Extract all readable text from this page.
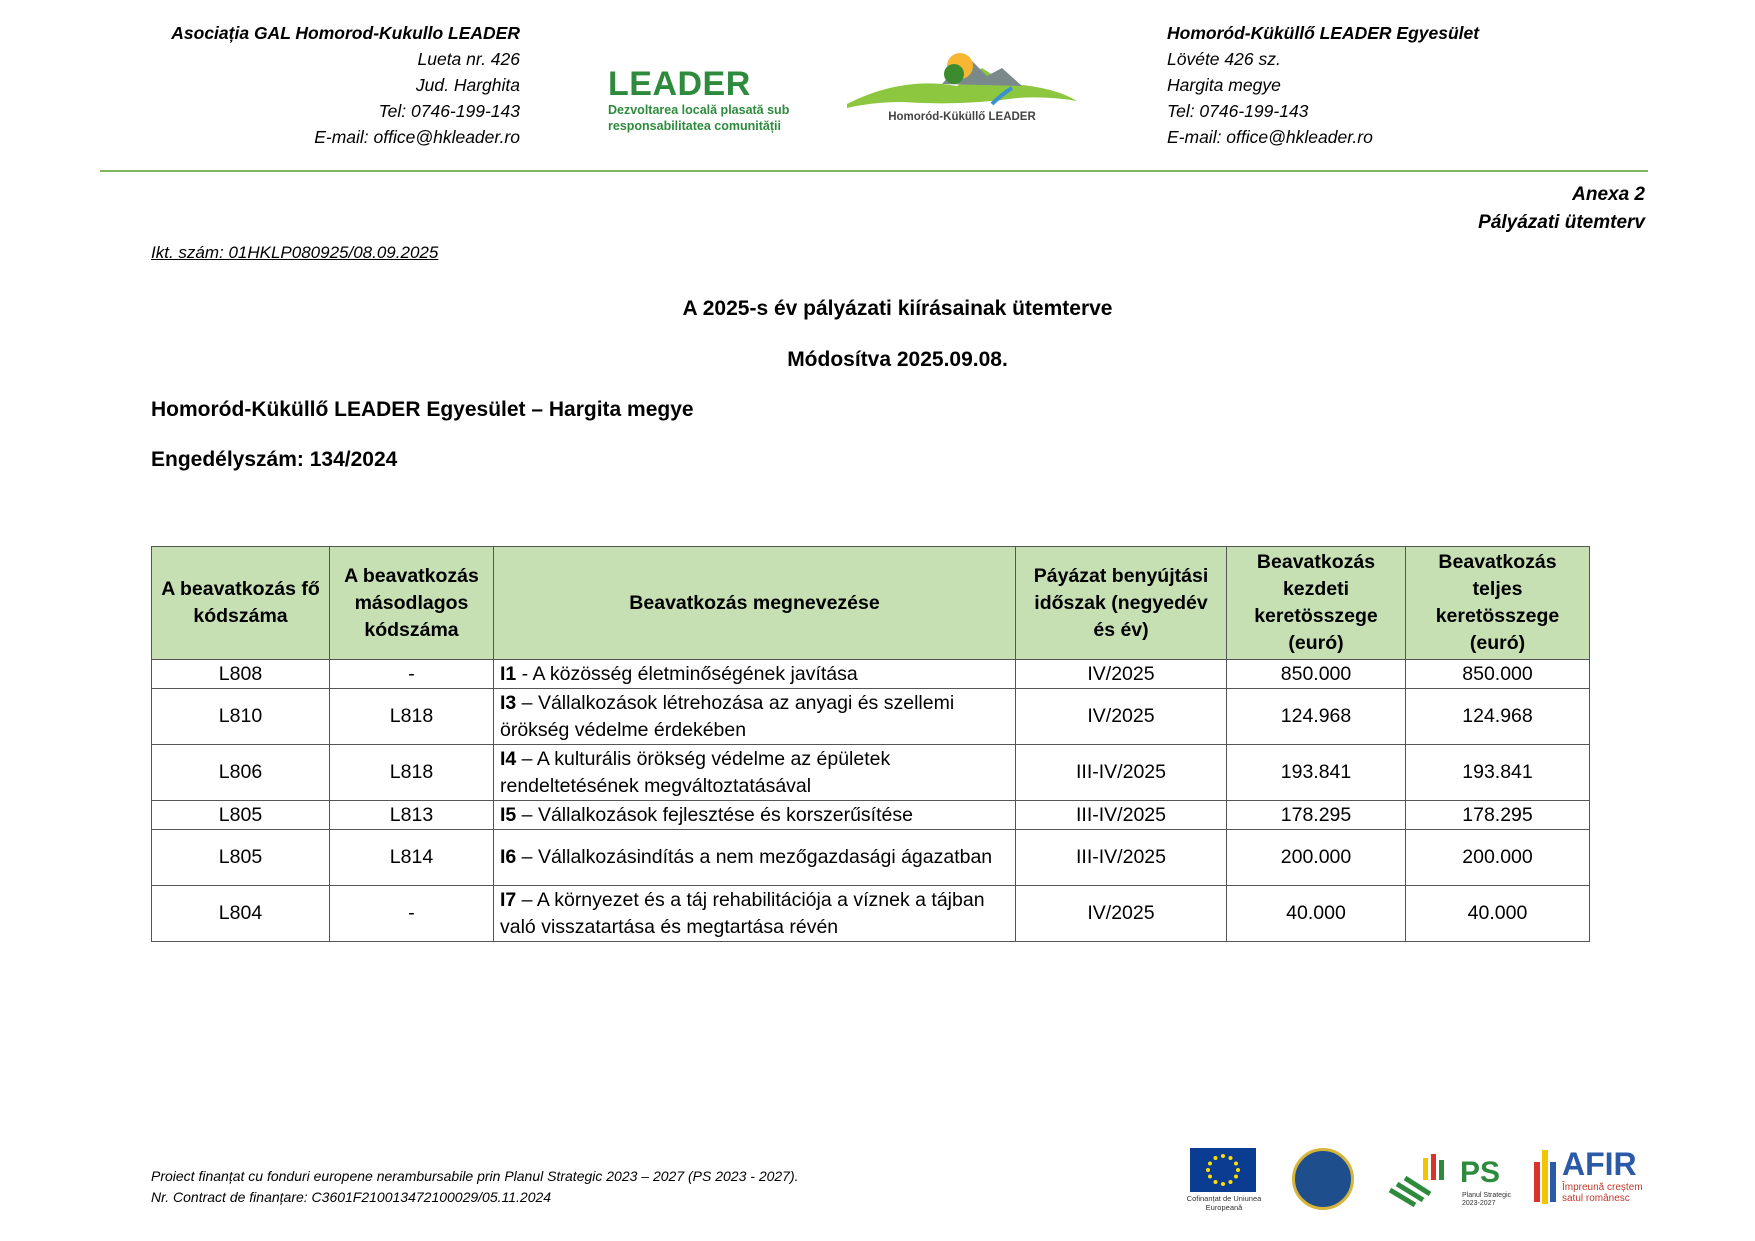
Asociația GAL Homorod-Kukullo LEADER
Lueta nr. 426
Jud. Harghita
Tel: 0746-199-143
E-mail: office@hkleader.ro
LEADER
Dezvoltarea locală plasată sub
responsabilitatea comunității
Homoród-Küküllő LEADER
Homoród-Küküllő LEADER Egyesület
Lövéte 426 sz.
Hargita megye
Tel: 0746-199-143
E-mail: office@hkleader.ro
Anexa 2
Pályázati ütemterv
Ikt. szám: 01HKLP080925/08.09.2025
A 2025-s év pályázati kiírásainak ütemterve
Módosítva 2025.09.08.
Homoród-Küküllő LEADER Egyesület – Hargita megye
Engedélyszám: 134/2024
A beavatkozás fő kódszáma	A beavatkozás másodlagos kódszáma	Beavatkozás megnevezése	Páyázat benyújtási időszak (negyedév és év)	Beavatkozás kezdeti keretösszege (euró)	Beavatkozás teljes keretösszege (euró)
L808	-	I1 - A közösség életminőségének javítása	IV/2025	850.000	850.000
L810	L818	I3 – Vállalkozások létrehozása az anyagi és szellemi örökség védelme érdekében	IV/2025	124.968	124.968
L806	L818	I4 – A kulturális örökség védelme az épületek rendeltetésének megváltoztatásával	III-IV/2025	193.841	193.841
L805	L813	I5 – Vállalkozások fejlesztése és korszerűsítése	III-IV/2025	178.295	178.295
L805	L814	I6 – Vállalkozásindítás a nem mezőgazdasági ágazatban	III-IV/2025	200.000	200.000
L804	-	I7 – A környezet és a táj rehabilitációja a víznek a tájban való visszatartása és megtartása révén	IV/2025	40.000	40.000
Proiect finanțat cu fonduri europene nerambursabile prin Planul Strategic 2023 – 2027 (PS 2023 - 2027).
Nr. Contract de finanțare: C3601F210013472100029/05.11.2024	Cofinanțat de Uniunea Europeană
PS
Planul Strategic
2023-2027
AFIR
Împreună creștem
satul românesc
